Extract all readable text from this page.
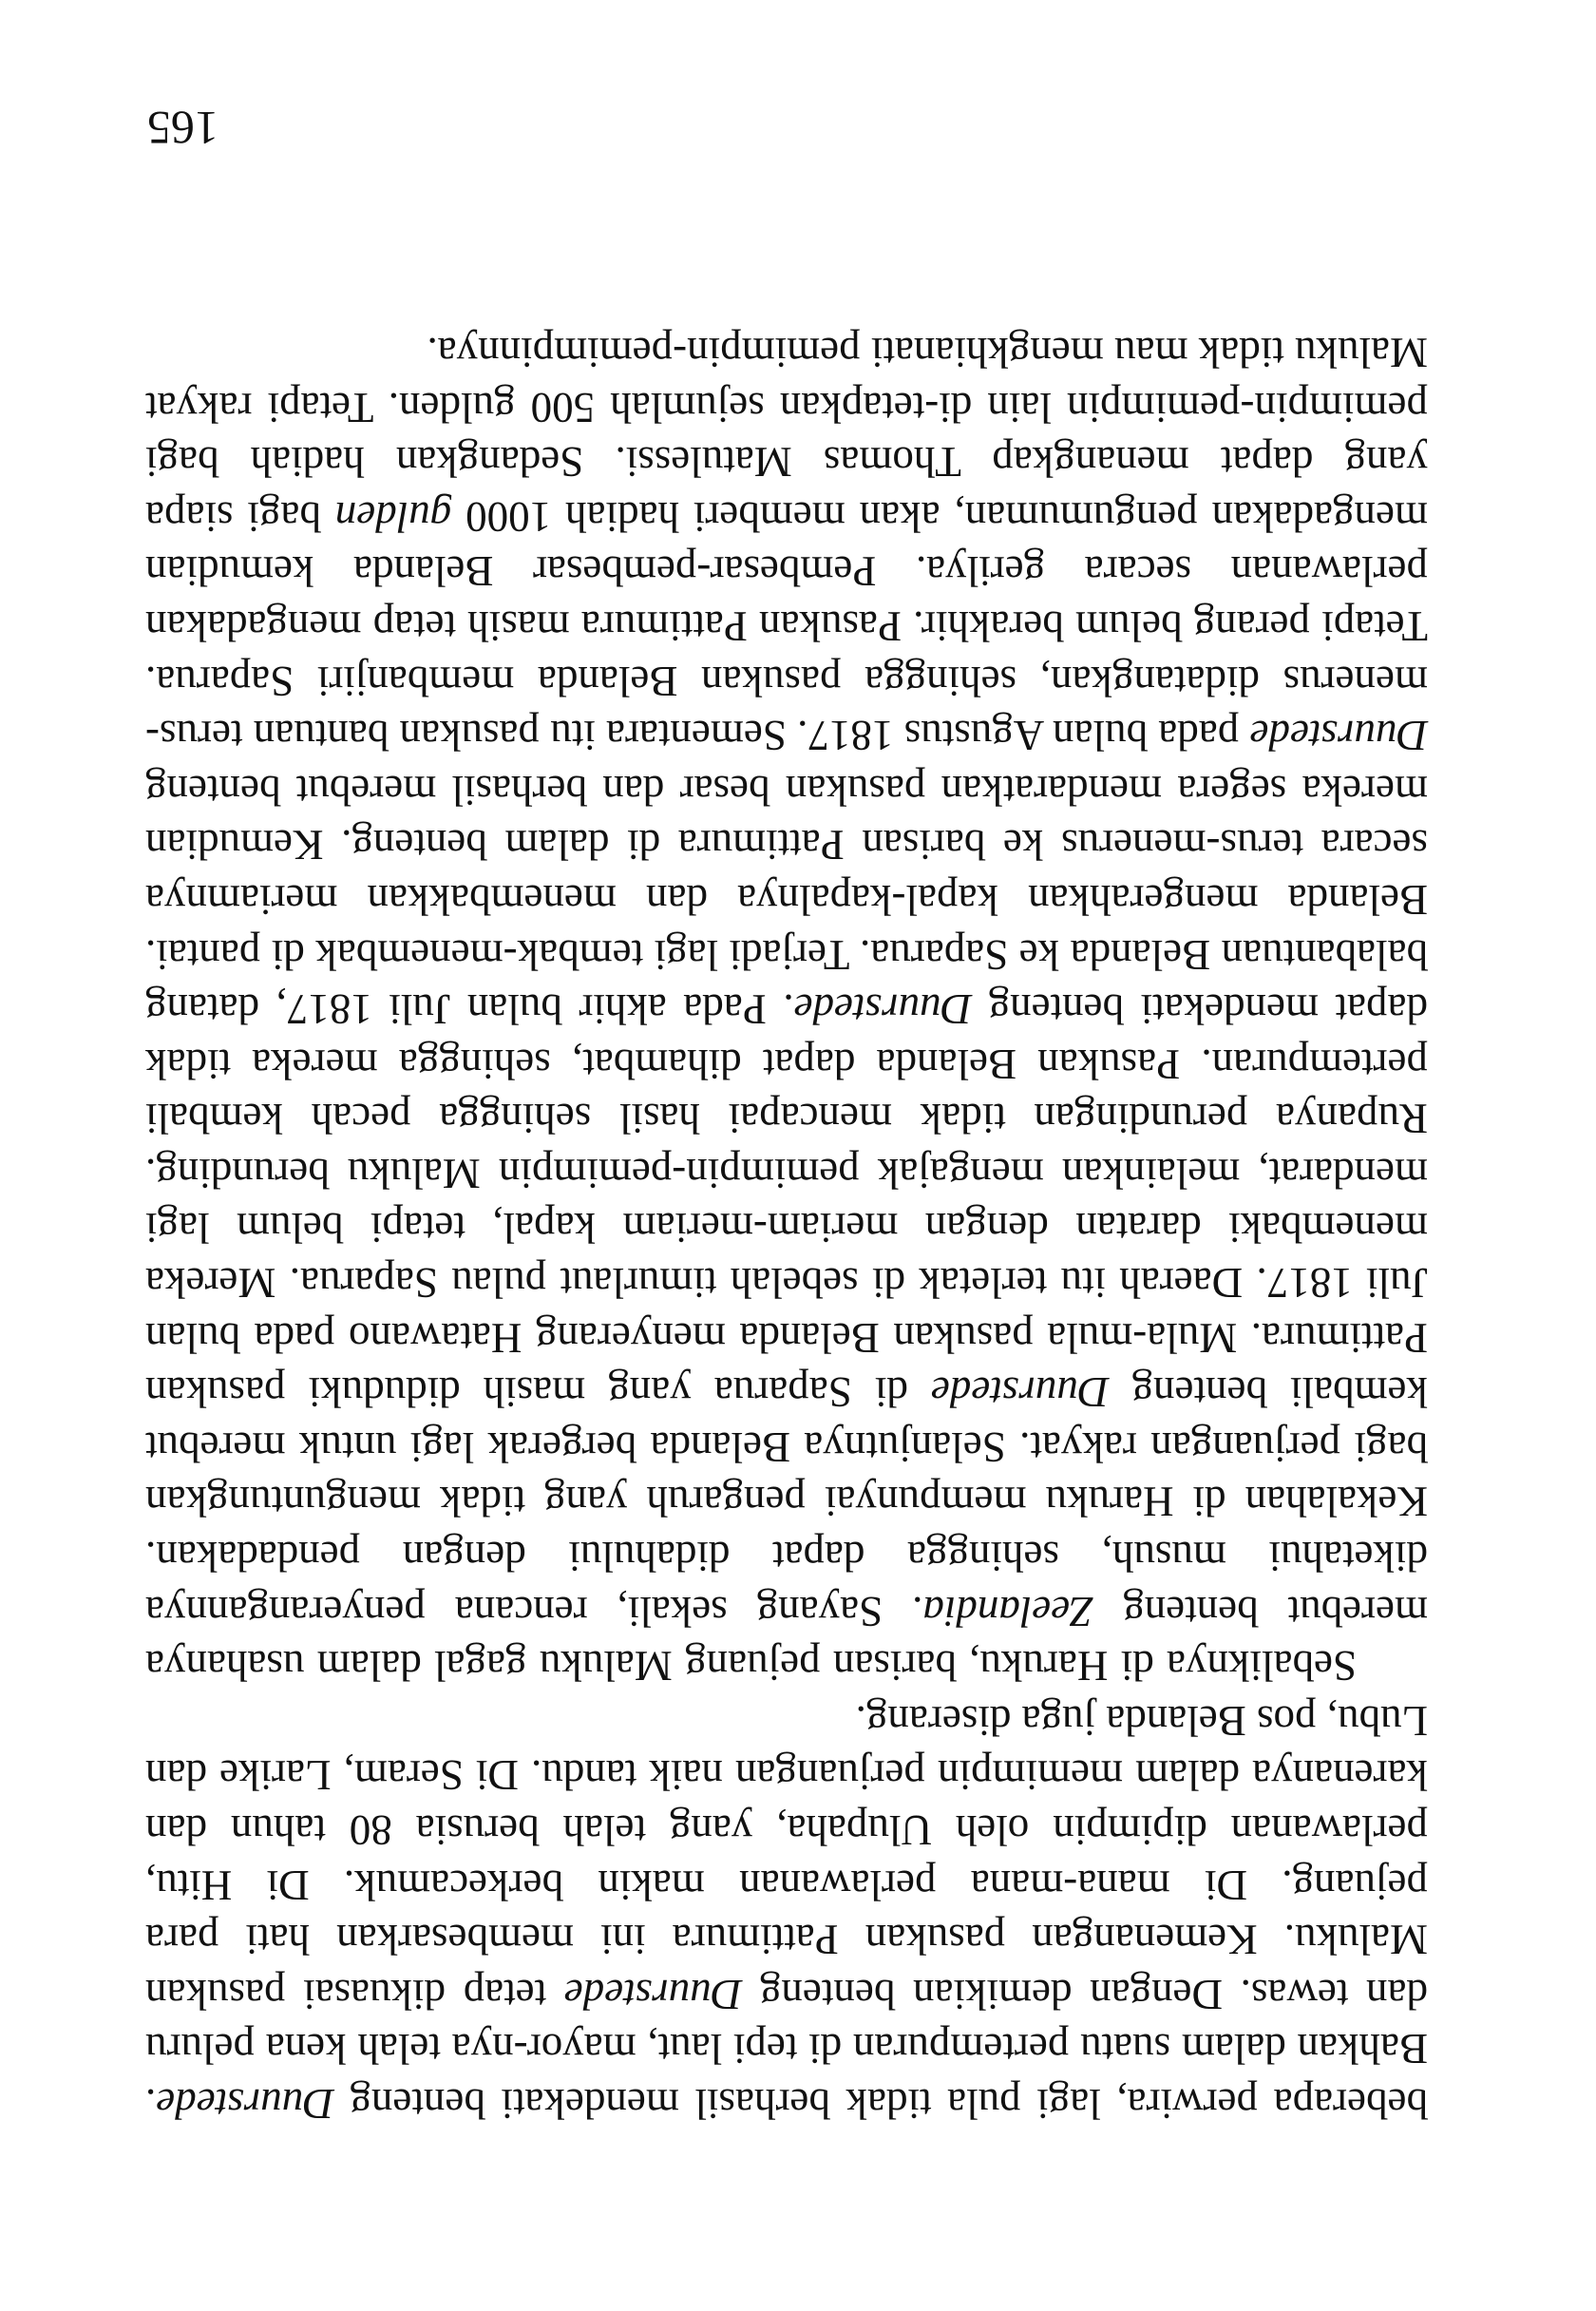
beberapa perwira, lagi pula tidak berhasil mendekati benteng Duurstede. Bahkan dalam suatu pertempuran di tepi laut, mayor-nya telah kena peluru dan tewas. Dengan demikian benteng Duurstede tetap dikuasai pasukan Maluku. Kemenangan pasukan Pattimura ini membesarkan hati para pejuang. Di mana-mana perlawanan makin berkecamuk. Di Hitu, perlawanan dipimpin oleh Ulupaha, yang telah berusia 80 tahun dan karenanya dalam memimpin perjuangan naik tandu. Di Seram, Larike dan Lubu, pos Belanda juga diserang.

Sebaliknya di Haruku, barisan pejuang Maluku gagal dalam usahanya merebut benteng Zeelandia. Sayang sekali, rencana penyerangannya diketahui musuh, sehingga dapat didahului dengan pendadakan. Kekalahan di Haruku mempunyai pengaruh yang tidak menguntungkan bagi perjuangan rakyat. Selanjutnya Belanda bergerak lagi untuk merebut kembali benteng Duurstede di Saparua yang masih diduduki pasukan Pattimura. Mula-mula pasukan Belanda menyerang Hatawano pada bulan Juli 1817. Daerah itu terletak di sebelah timurlaut pulau Saparua. Mereka menembaki daratan dengan meriam-meriam kapal, tetapi belum lagi mendarat, melainkan mengajak pemimpin-pemimpin Maluku berunding. Rupanya perundingan tidak mencapai hasil sehingga pecah kembali pertempuran. Pasukan Belanda dapat dihambat, sehingga mereka tidak dapat mendekati benteng Duurstede. Pada akhir bulan Juli 1817, datang balabantuan Belanda ke Saparua. Terjadi lagi tembak-menembak di pantai. Belanda mengerahkan kapal-kapalnya dan menembakkan meriamnya secara terus-menerus ke barisan Pattimura di dalam benteng. Kemudian mereka segera mendaratkan pasukan besar dan berhasil merebut benteng Duurstede pada bulan Agustus 1817. Sementara itu pasukan bantuan terus-menerus didatangkan, sehingga pasukan Belanda membanjiri Saparua. Tetapi perang belum berakhir. Pasukan Pattimura masih tetap mengadakan perlawanan secara gerilya. Pembesar-pembesar Belanda kemudian mengadakan pengumuman, akan memberi hadiah 1000 gulden bagi siapa yang dapat menangkap Thomas Matulessi. Sedangkan hadiah bagi pemimpin-pemimpin lain di-tetapkan sejumlah 500 gulden. Tetapi rakyat Maluku tidak mau mengkhianati pemimpin-pemimpinnya.

165
